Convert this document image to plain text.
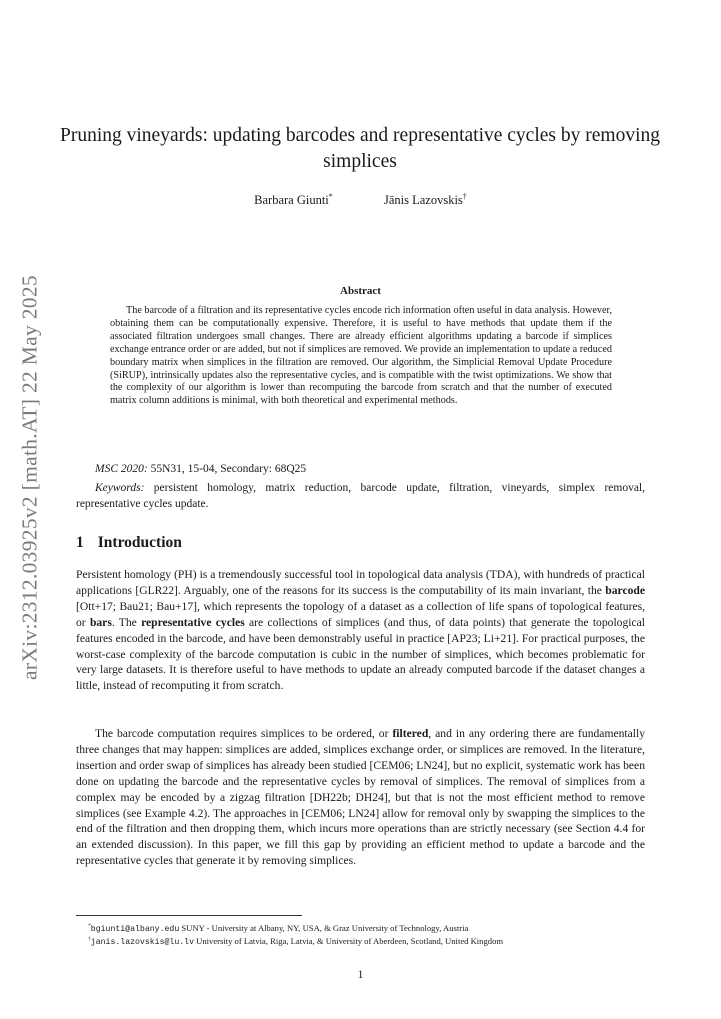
arXiv:2312.03925v2 [math.AT] 22 May 2025
Pruning vineyards: updating barcodes and representative cycles by removing simplices
Barbara Giunti*	Jānis Lazovskis†
Abstract
The barcode of a filtration and its representative cycles encode rich information often useful in data analysis. However, obtaining them can be computationally expensive. Therefore, it is useful to have methods that update them if the associated filtration undergoes small changes. There are already efficient algorithms updating a barcode if simplices exchange entrance order or are added, but not if simplices are removed. We provide an implementation to update a reduced boundary matrix when simplices in the filtration are removed. Our algorithm, the Simplicial Removal Update Procedure (SiRUP), intrinsically updates also the representative cycles, and is compatible with the twist optimizations. We show that the complexity of our algorithm is lower than recomputing the barcode from scratch and that the number of executed matrix column additions is minimal, with both theoretical and experimental methods.
MSC 2020: 55N31, 15-04, Secondary: 68Q25
Keywords: persistent homology, matrix reduction, barcode update, filtration, vineyards, simplex removal, representative cycles update.
1 Introduction
Persistent homology (PH) is a tremendously successful tool in topological data analysis (TDA), with hundreds of practical applications [GLR22]. Arguably, one of the reasons for its success is the computability of its main invariant, the barcode [Ott+17; Bau21; Bau+17], which represents the topology of a dataset as a collection of life spans of topological features, or bars. The representative cycles are collections of simplices (and thus, of data points) that generate the topological features encoded in the barcode, and have been demonstrably useful in practice [AP23; Li+21]. For practical purposes, the worst-case complexity of the barcode computation is cubic in the number of simplices, which becomes problematic for very large datasets. It is therefore useful to have methods to update an already computed barcode if the dataset changes a little, instead of recomputing it from scratch.
The barcode computation requires simplices to be ordered, or filtered, and in any ordering there are fundamentally three changes that may happen: simplices are added, simplices exchange order, or simplices are removed. In the literature, insertion and order swap of simplices has already been studied [CEM06; LN24], but no explicit, systematic work has been done on updating the barcode and the representative cycles by removal of simplices. The removal of simplices from a complex may be encoded by a zigzag filtration [DH22b; DH24], but that is not the most efficient method to remove simplices (see Example 4.2). The approaches in [CEM06; LN24] allow for removal only by swapping the simplices to the end of the filtration and then dropping them, which incurs more operations than are strictly necessary (see Section 4.4 for an extended discussion). In this paper, we fill this gap by providing an efficient method to update a barcode and the representative cycles that generate it by removing simplices.
*bgiunti@albany.edu SUNY - University at Albany, NY, USA, & Graz University of Technology, Austria
†janis.lazovskis@lu.lv University of Latvia, Riga, Latvia, & University of Aberdeen, Scotland, United Kingdom
1
